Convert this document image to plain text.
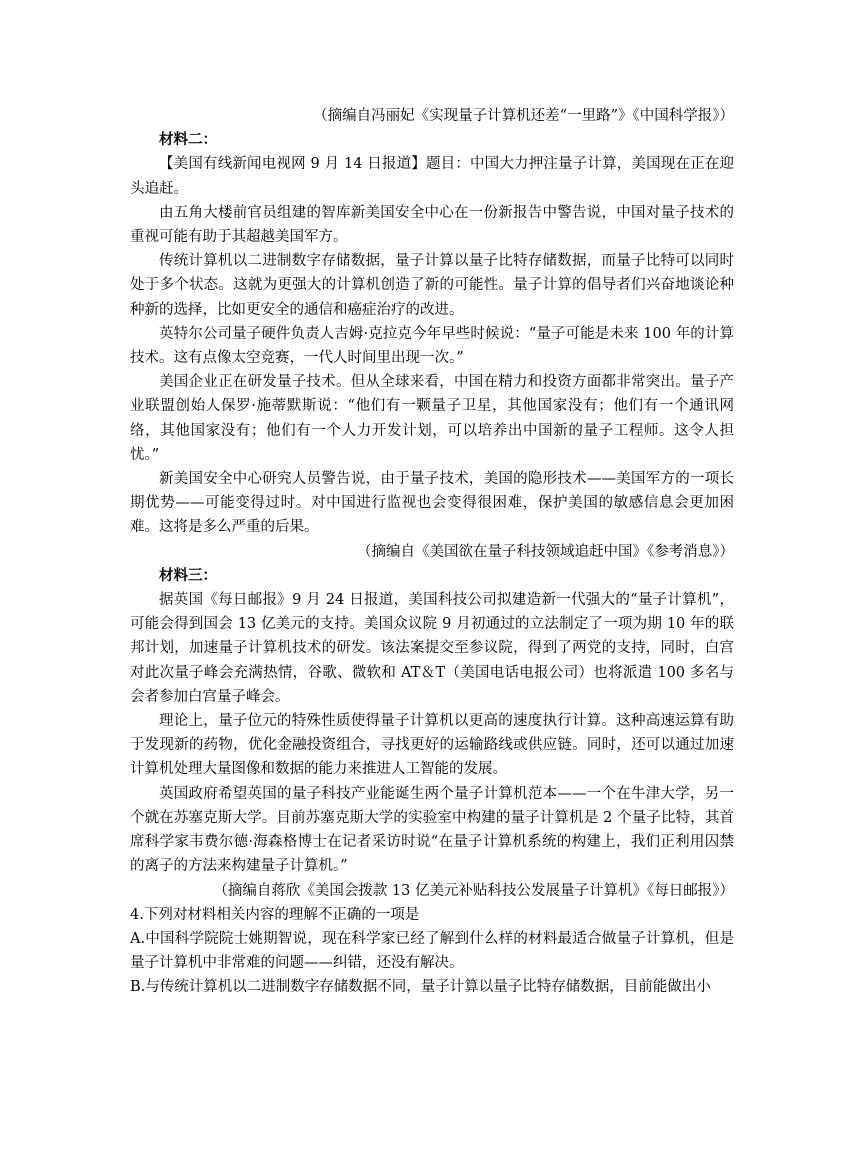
（摘编自冯丽妃《实现量子计算机还差“一里路”》《中国科学报》）

材料二：

【美国有线新闻电视网 9 月 14 日报道】题目：中国大力押注量子计算，美国现在正在迎头追赶。

由五角大楼前官员组建的智库新美国安全中心在一份新报告中警告说，中国对量子技术的重视可能有助于其超越美国军方。

传统计算机以二进制数字存储数据，量子计算以量子比特存储数据，而量子比特可以同时处于多个状态。这就为更强大的计算机创造了新的可能性。量子计算的倡导者们兴奋地谈论种种新的选择，比如更安全的通信和癌症治疗的改进。

英特尔公司量子硬件负责人吉姆·克拉克今年早些时候说：“量子可能是未来 100 年的计算技术。这有点像太空竞赛，一代人时间里出现一次。”

美国企业正在研发量子技术。但从全球来看，中国在精力和投资方面都非常突出。量子产业联盟创始人保罗·施蒂默斯说：“他们有一颗量子卫星，其他国家没有；他们有一个通讯网络，其他国家没有；他们有一个人力开发计划，可以培养出中国新的量子工程师。这令人担忧。”

新美国安全中心研究人员警告说，由于量子技术，美国的隐形技术——美国军方的一项长期优势——可能变得过时。对中国进行监视也会变得很困难，保护美国的敏感信息会更加困难。这将是多么严重的后果。

（摘编自《美国欲在量子科技领域追赶中国》《参考消息》）

材料三：

据英国《每日邮报》9 月 24 日报道，美国科技公司拟建造新一代强大的“量子计算机”，可能会得到国会 13 亿美元的支持。美国众议院 9 月初通过的立法制定了一项为期 10 年的联邦计划，加速量子计算机技术的研发。该法案提交至参议院，得到了两党的支持，同时，白宫对此次量子峰会充满热情，谷歌、微软和 AT＆T（美国电话电报公司）也将派遣 100 多名与会者参加白宫量子峰会。

理论上，量子位元的特殊性质使得量子计算机以更高的速度执行计算。这种高速运算有助于发现新的药物，优化金融投资组合，寻找更好的运输路线或供应链。同时，还可以通过加速计算机处理大量图像和数据的能力来推进人工智能的发展。

英国政府希望英国的量子科技产业能诞生两个量子计算机范本——一个在牛津大学，另一个就在苏塞克斯大学。目前苏塞克斯大学的实验室中构建的量子计算机是 2 个量子比特，其首席科学家韦费尔德·海森格博士在记者采访时说“在量子计算机系统的构建上，我们正利用囚禁的离子的方法来构建量子计算机。”

（摘编自蒋欣《美国会拨款 13 亿美元补贴科技公发展量子计算机》《每日邮报》）

4.下列对材料相关内容的理解不正确的一项是

A.中国科学院院士姚期智说，现在科学家已经了解到什么样的材料最适合做量子计算机，但是量子计算机中非常难的问题——纠错，还没有解决。

B.与传统计算机以二进制数字存储数据不同，量子计算以量子比特存储数据，目前能做出小
